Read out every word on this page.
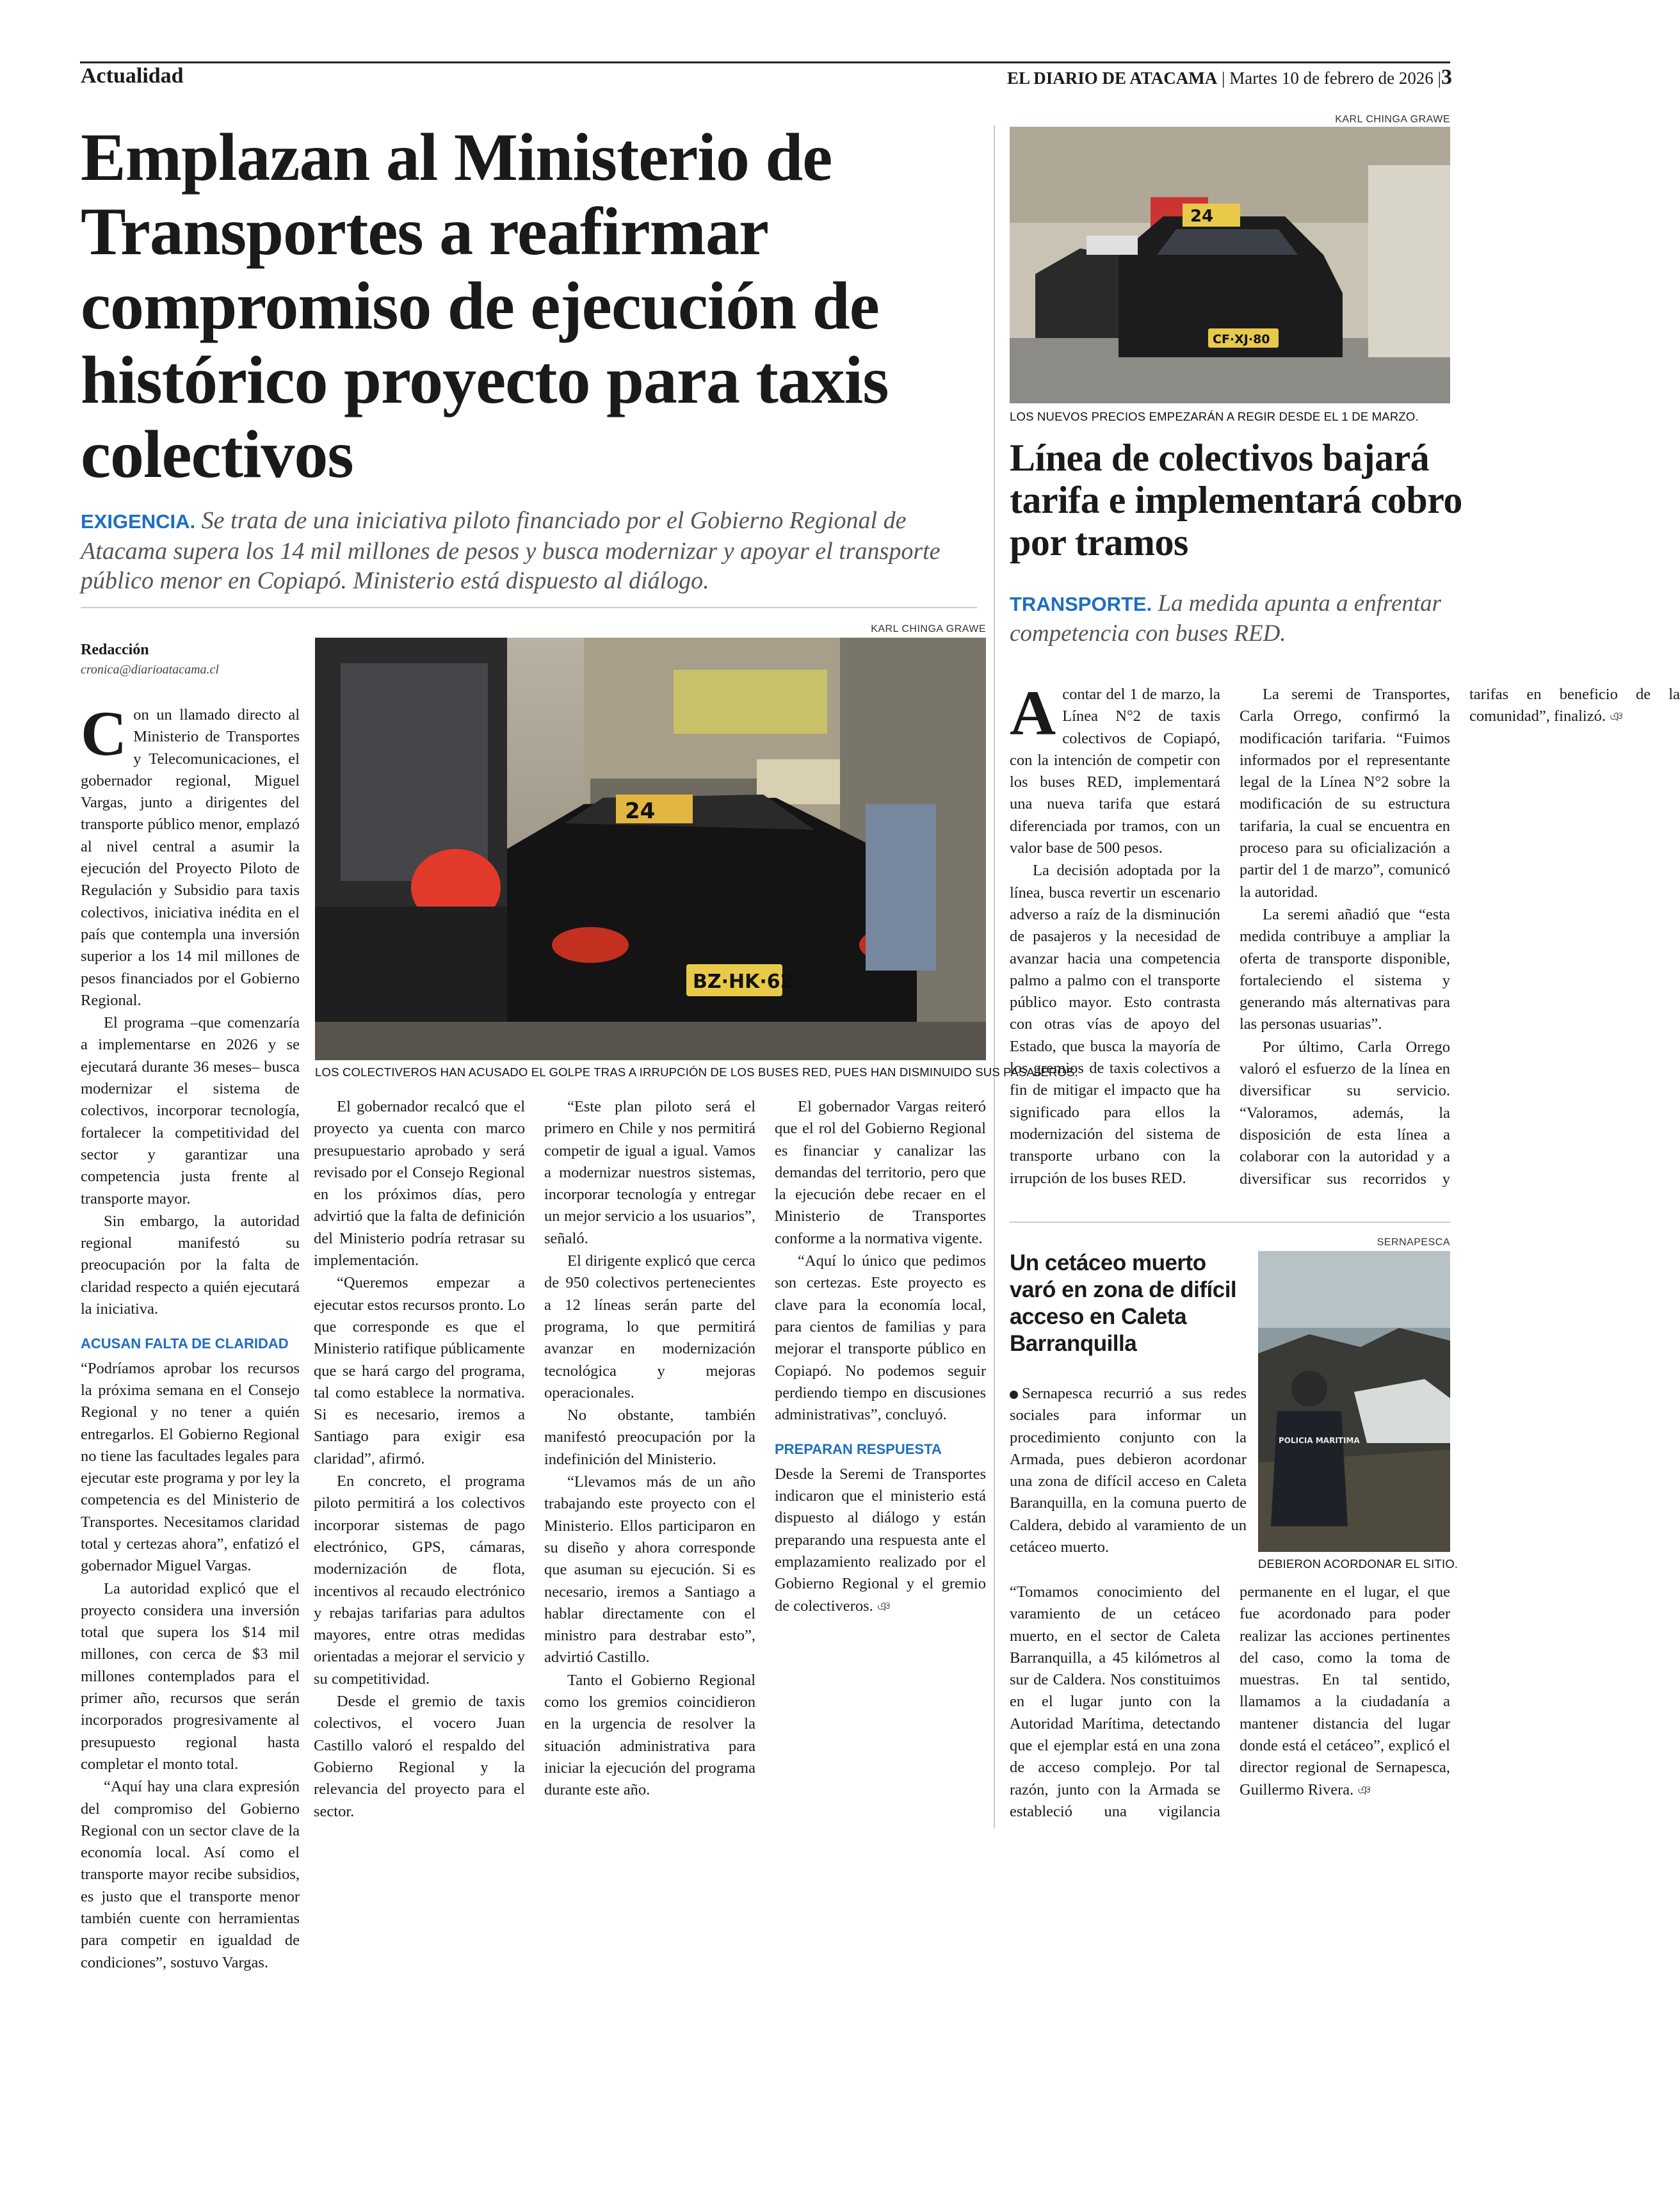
Actualidad	EL DIARIO DE ATACAMA | Martes 10 de febrero de 2026 |3
Emplazan al Ministerio de Transportes a reafirmar compromiso de ejecución de histórico proyecto para taxis colectivos
EXIGENCIA. Se trata de una iniciativa piloto financiado por el Gobierno Regional de Atacama supera los 14 mil millones de pesos y busca modernizar y apoyar el transporte público menor en Copiapó. Ministerio está dispuesto al diálogo.
Redacción
cronica@diarioatacama.cl
KARL CHINGA GRAWE
24
BZ·HK·62
LOS COLECTIVEROS HAN ACUSADO EL GOLPE TRAS A IRRUPCIÓN DE LOS BUSES RED, PUES HAN DISMINUIDO SUS PASAJEROS.

Con un llamado directo al Ministerio de Transportes y Telecomunicaciones, el gobernador regional, Miguel Vargas, junto a dirigentes del transporte público menor, emplazó al nivel central a asumir la ejecución del Proyecto Piloto de Regulación y Subsidio para taxis colectivos, iniciativa inédita en el país que contempla una inversión superior a los 14 mil millones de pesos financiados por el Gobierno Regional.

El programa –que comenzaría a implementarse en 2026 y se ejecutará durante 36 meses– busca modernizar el sistema de colectivos, incorporar tecnología, fortalecer la competitividad del sector y garantizar una competencia justa frente al transporte mayor.

Sin embargo, la autoridad regional manifestó su preocupación por la falta de claridad respecto a quién ejecutará la iniciativa.

ACUSAN FALTA DE CLARIDAD

“Podríamos aprobar los recursos la próxima semana en el Consejo Regional y no tener a quién entregarlos. El Gobierno Regional no tiene las facultades legales para ejecutar este programa y por ley la competencia es del Ministerio de Transportes. Necesitamos claridad total y certezas ahora”, enfatizó el gobernador Miguel Vargas.

La autoridad explicó que el proyecto considera una inversión total que supera los $14 mil millones, con cerca de $3 mil millones contemplados para el primer año, recursos que serán incorporados progresivamente al presupuesto regional hasta completar el monto total.

“Aquí hay una clara expresión del compromiso del Gobierno Regional con un sector clave de la economía local. Así como el transporte mayor recibe subsidios, es justo que el transporte menor también cuente con herramientas para competir en igualdad de condiciones”, sostuvo Vargas.

El gobernador recalcó que el proyecto ya cuenta con marco presupuestario aprobado y será revisado por el Consejo Regional en los próximos días, pero advirtió que la falta de definición del Ministerio podría retrasar su implementación.

“Queremos empezar a ejecutar estos recursos pronto. Lo que corresponde es que el Ministerio ratifique públicamente que se hará cargo del programa, tal como establece la normativa. Si es necesario, iremos a Santiago para exigir esa claridad”, afirmó.

En concreto, el programa piloto permitirá a los colectivos incorporar sistemas de pago electrónico, GPS, cámaras, modernización de flota, incentivos al recaudo electrónico y rebajas tarifarias para adultos mayores, entre otras medidas orientadas a mejorar el servicio y su competitividad.

Desde el gremio de taxis colectivos, el vocero Juan Castillo valoró el respaldo del Gobierno Regional y la relevancia del proyecto para el sector.

“Este plan piloto será el primero en Chile y nos permitirá competir de igual a igual. Vamos a modernizar nuestros sistemas, incorporar tecnología y entregar un mejor servicio a los usuarios”, señaló.

El dirigente explicó que cerca de 950 colectivos pertenecientes a 12 líneas serán parte del programa, lo que permitirá avanzar en modernización tecnológica y mejoras operacionales.

No obstante, también manifestó preocupación por la indefinición del Ministerio.

“Llevamos más de un año trabajando este proyecto con el Ministerio. Ellos participaron en su diseño y ahora corresponde que asuman su ejecución. Si es necesario, iremos a Santiago a hablar directamente con el ministro para destrabar esto”, advirtió Castillo.

Tanto el Gobierno Regional como los gremios coincidieron en la urgencia de resolver la situación administrativa para iniciar la ejecución del programa durante este año.

El gobernador Vargas reiteró que el rol del Gobierno Regional es financiar y canalizar las demandas del territorio, pero que la ejecución debe recaer en el Ministerio de Transportes conforme a la normativa vigente.

“Aquí lo único que pedimos son certezas. Este proyecto es clave para la economía local, para cientos de familias y para mejorar el transporte público en Copiapó. No podemos seguir perdiendo tiempo en discusiones administrativas”, concluyó.

PREPARAN RESPUESTA

Desde la Seremi de Transportes indicaron que el ministerio está dispuesto al diálogo y están preparando una respuesta ante el emplazamiento realizado por el Gobierno Regional y el gremio de colectiveros. ঞ

KARL CHINGA GRAWE
24
CF·XJ·80
LOS NUEVOS PRECIOS EMPEZARÁN A REGIR DESDE EL 1 DE MARZO.
Línea de colectivos bajará tarifa e implementará cobro por tramos
TRANSPORTE. La medida apunta a enfrentar competencia con buses RED.

Acontar del 1 de marzo, la Línea N°2 de taxis colectivos de Copiapó, con la intención de competir con los buses RED, implementará una nueva tarifa que estará diferenciada por tramos, con un valor base de 500 pesos.

La decisión adoptada por la línea, busca revertir un escenario adverso a raíz de la disminución de pasajeros y la necesidad de avanzar hacia una competencia palmo a palmo con el transporte público mayor. Esto contrasta con otras vías de apoyo del Estado, que busca la mayoría de los gremios de taxis colectivos a fin de mitigar el impacto que ha significado para ellos la modernización del sistema de transporte urbano con la irrupción de los buses RED.

La seremi de Transportes, Carla Orrego, confirmó la modificación tarifaria. “Fuimos informados por el representante legal de la Línea N°2 sobre la modificación de su estructura tarifaria, la cual se encuentra en proceso para su oficialización a partir del 1 de marzo”, comunicó la autoridad.

La seremi añadió que “esta medida contribuye a ampliar la oferta de transporte disponible, fortaleciendo el sistema y generando más alternativas para las personas usuarias”.

Por último, Carla Orrego valoró el esfuerzo de la línea en diversificar su servicio. “Valoramos, además, la disposición de esta línea a colaborar con la autoridad y a diversificar sus recorridos y tarifas en beneficio de la comunidad”, finalizó. ঞ

Un cetáceo muerto varó en zona de difícil acceso en Caleta Barranquilla
SERNAPESCA
POLICIA MARITIMA
DEBIERON ACORDONAR EL SITIO.

Sernapesca recurrió a sus redes sociales para informar un procedimiento conjunto con la Armada, pues debieron acordonar una zona de difícil acceso en Caleta Baranquilla, en la comuna puerto de Caldera, debido al varamiento de un cetáceo muerto.

“Tomamos conocimiento del varamiento de un cetáceo muerto, en el sector de Caleta Barranquilla, a 45 kilómetros al sur de Caldera. Nos constituimos en el lugar junto con la Autoridad Marítima, detectando que el ejemplar está en una zona de acceso complejo. Por tal razón, junto con la Armada se estableció una vigilancia permanente en el lugar, el que fue acordonado para poder realizar las acciones pertinentes del caso, como la toma de muestras. En tal sentido, llamamos a la ciudadanía a mantener distancia del lugar donde está el cetáceo”, explicó el director regional de Sernapesca, Guillermo Rivera. ঞ
